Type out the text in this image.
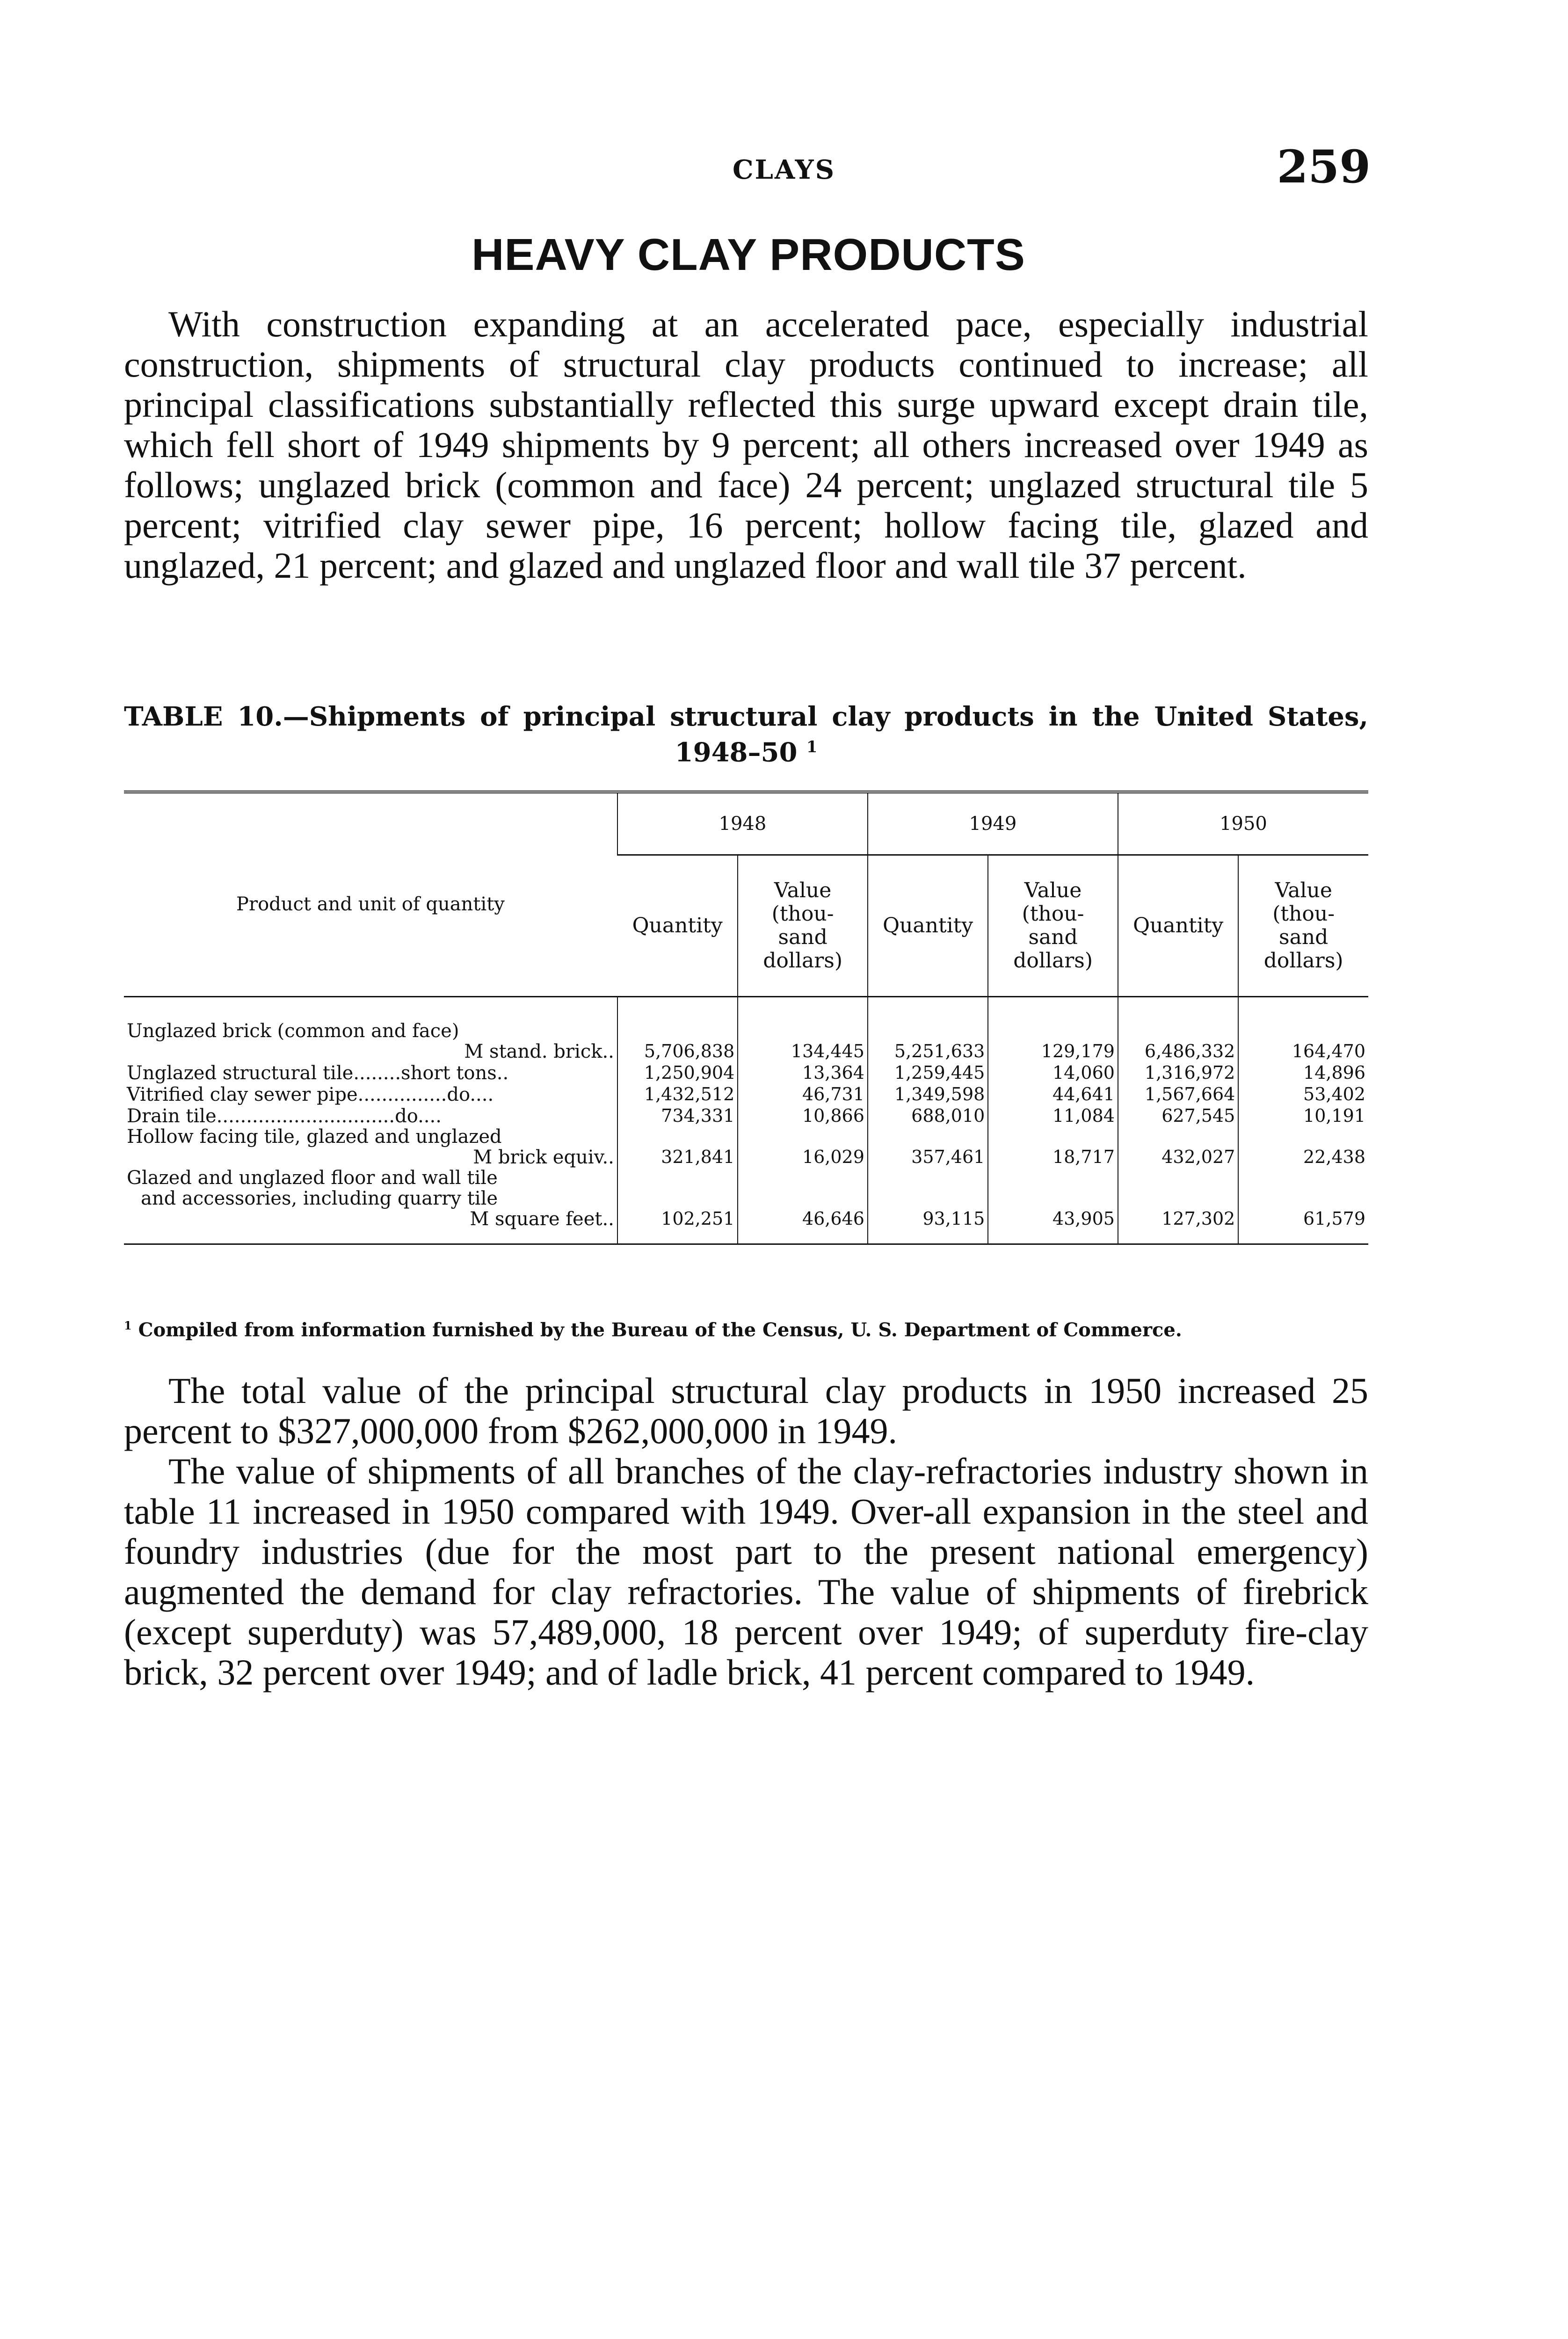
CLAYS	259
HEAVY CLAY PRODUCTS

With construction expanding at an accelerated pace, especially industrial construction, shipments of structural clay products continued to increase; all principal classifications substantially reflected this surge upward except drain tile, which fell short of 1949 shipments by 9 percent; all others increased over 1949 as follows; unglazed brick (common and face) 24 percent; unglazed structural tile 5 percent; vitrified clay sewer pipe, 16 percent; hollow facing tile, glazed and unglazed, 21 percent; and glazed and unglazed floor and wall tile 37 percent.

TABLE 10.—Shipments of principal structural clay products in the United States,
1948–50 $^1$
Product and unit of quantity	1948		1949		1950	
	Quantity	Value
(thou-
sand
dollars)	Quantity	Value
(thou-
sand
dollars)	Quantity	Value
(thou-
sand
dollars)

Unglazed brick (common and face)
M stand. brick..	5,706,838	134,445	5,251,633	129,179	6,486,332	164,470

Unglazed structural tile........short tons..	1,250,904	13,364	1,259,445	14,060	1,316,972	14,896

Vitrified clay sewer pipe...............do....	1,432,512	46,731	1,349,598	44,641	1,567,664	53,402

Drain tile..............................do....	734,331	10,866	688,010	11,084	627,545	10,191

Hollow facing tile, glazed and unglazed
M brick equiv..	321,841	16,029	357,461	18,717	432,027	22,438

Glazed and unglazed floor and wall tile
and accessories, including quarry tile
M square feet..	102,251	46,646	93,115	43,905	127,302	61,579
$^1$ Compiled from information furnished by the Bureau of the Census, U. S. Department of Commerce.

The total value of the principal structural clay products in 1950 increased 25 percent to $327,000,000 from $262,000,000 in 1949.

The value of shipments of all branches of the clay-refractories industry shown in table 11 increased in 1950 compared with 1949. Over-all expansion in the steel and foundry industries (due for the most part to the present national emergency) augmented the demand for clay refractories. The value of shipments of firebrick (except superduty) was 57,489,000, 18 percent over 1949; of superduty fire-clay brick, 32 percent over 1949; and of ladle brick, 41 percent compared to 1949.
